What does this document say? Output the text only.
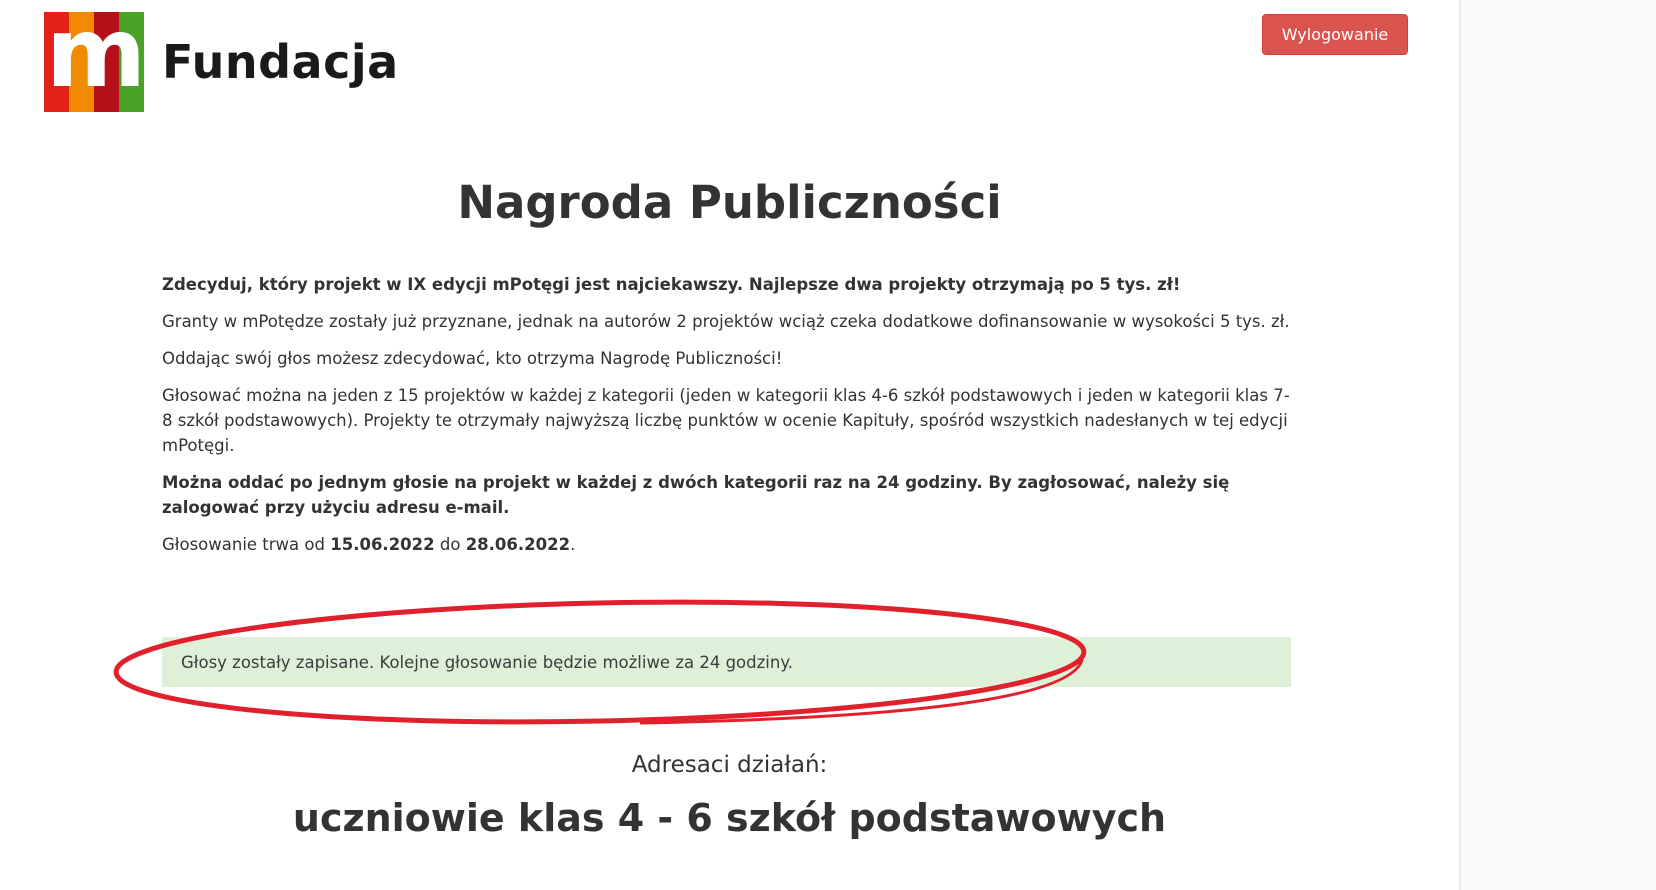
m Fundacja
Wylogowanie
Nagroda Publiczności

Zdecyduj, który projekt w IX edycji mPotęgi jest najciekawszy. Najlepsze dwa projekty otrzymają po 5 tys. zł!

Granty w mPotędze zostały już przyznane, jednak na autorów 2 projektów wciąż czeka dodatkowe dofinansowanie w wysokości 5 tys. zł.

Oddając swój głos możesz zdecydować, kto otrzyma Nagrodę Publiczności!

Głosować można na jeden z 15 projektów w każdej z kategorii (jeden w kategorii klas 4-6 szkół podstawowych i jeden w kategorii klas 7-8 szkół podstawowych). Projekty te otrzymały najwyższą liczbę punktów w ocenie Kapituły, spośród wszystkich nadesłanych w tej edycji mPotęgi.

Można oddać po jednym głosie na projekt w każdej z dwóch kategorii raz na 24 godziny. By zagłosować, należy się zalogować przy użyciu adresu e-mail.

Głosowanie trwa od 15.06.2022 do 28.06.2022.

Głosy zostały zapisane. Kolejne głosowanie będzie możliwe za 24 godziny.
Adresaci działań:
uczniowie klas 4 - 6 szkół podstawowych
